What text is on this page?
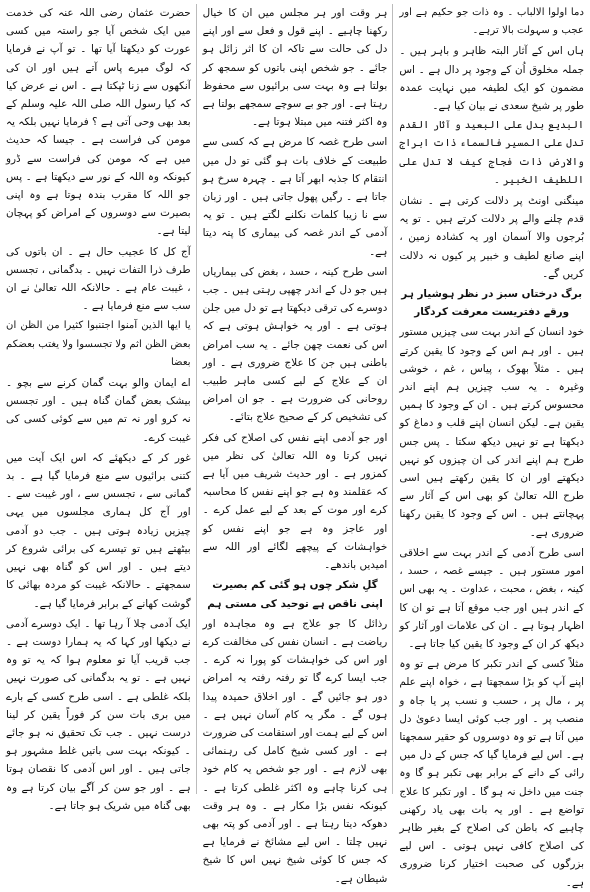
دما اولوا الالباب ۔ وہ ذات جو حکیم ہے اور عجب و سہولت بالا ترہے۔

ہاں اس کے آثار البتہ ظاہر و باہر ہیں ۔ جملہ مخلوق اُن کے وجود پر دال ہے ۔ اس مضمون کو ایک لطیفہ میں نہایت عمدہ طور پر شیخ سعدی نے بیان کیا ہے۔

البدیع بدل علی البعید و آثار القدم تدل علی المسیر فالسماء ذات ابراج والارض ذات فجاج کیف لا تدل علی اللطیف الخبیر ۔

مینگنی اونٹ پر دلالت کرتی ہے ۔ نشان قدم چلنے والے پر دلالت کرتے ہیں ۔ تو یہ بُرجوں والا آسمان اور یہ کشادہ زمین ، اپنے صانع لطیف و خبیر پر کیوں نہ دلالت کریں گے۔

برگ درختاں سبز در نظر ہوشیار ہر ورقے دفتریست معرفت کردگار

خود انسان کے اندر بہت سی چیزیں مستور ہیں ۔ اور ہم اس کے وجود کا یقین کرتے ہیں ۔ مثلاً بھوک ، پیاس ، غم ، خوشی وغیرہ ۔ یہ سب چیزیں ہم اپنے اندر محسوس کرتے ہیں ۔ ان کے وجود کا ہمیں یقین ہے۔ لیکن انسان اپنے قلب و دماغ کو دیکھتا ہے تو نہیں دیکھ سکتا ۔ پس جس طرح ہم اپنے اندر کی ان چیزوں کو نہیں دیکھتے اور ان کا یقین رکھتے ہیں اسی طرح اللہ تعالیٰ کو بھی اس کے آثار سے پہچانتے ہیں ۔ اس کے وجود کا یقین رکھنا ضروری ہے۔

اسی طرح آدمی کے اندر بہت سے اخلاقی امور مستور ہیں ۔ جیسے غصہ ، حسد ، کینہ ، بغض ، محبت ، عداوت ۔ یہ بھی اس کے اندر ہیں اور جب موقع آتا ہے تو ان کا اظہار ہوتا ہے ۔ ان کی علامات اور آثار کو دیکھ کر ان کے وجود کا یقین کیا جاتا ہے۔

مثلاً کسی کے اندر تکبر کا مرض ہے تو وہ اپنے آپ کو بڑا سمجھتا ہے ، خواہ اپنے علم پر ، مال پر ، حسب و نسب پر یا جاہ و منصب پر ۔ اور جب کوئی ایسا دعویٰ دل میں آتا ہے تو وہ دوسروں کو حقیر سمجھتا ہے۔ اس لیے فرمایا گیا کہ جس کے دل میں رائی کے دانے کے برابر بھی تکبر ہو گا وہ جنت میں داخل نہ ہو گا ۔ اور تکبر کا علاج تواضع ہے ۔ اور یہ بات بھی یاد رکھنی چاہیے کہ باطن کی اصلاح کے بغیر ظاہر کی اصلاح کافی نہیں ہوتی ۔ اس لیے بزرگوں کی صحبت اختیار کرنا ضروری ہے۔

ہر وقت اور ہر مجلس میں ان کا خیال رکھنا چاہیے ۔ اپنے قول و فعل سے اور اپنے دل کی حالت سے تاکہ ان کا اثر زائل ہو جائے ۔ جو شخص اپنی باتوں کو سمجھ کر بولتا ہے وہ بہت سی برائیوں سے محفوظ رہتا ہے۔ اور جو بے سوچے سمجھے بولتا ہے وہ اکثر فتنہ میں مبتلا ہوتا ہے۔

اسی طرح غصہ کا مرض ہے کہ کسی سے طبیعت کے خلاف بات ہو گئی تو دل میں انتقام کا جذبہ ابھر آتا ہے ۔ چہرہ سرخ ہو جاتا ہے ۔ رگیں پھول جاتی ہیں ۔ اور زبان سے نا زیبا کلمات نکلنے لگتے ہیں ۔ تو یہ آدمی کے اندر غصہ کی بیماری کا پتہ دیتا ہے۔

اسی طرح کینہ ، حسد ، بغض کی بیماریاں ہیں جو دل کے اندر چھپی رہتی ہیں ۔ جب دوسرے کی ترقی دیکھتا ہے تو دل میں جلن ہوتی ہے ۔ اور یہ خواہش ہوتی ہے کہ اس کی نعمت چھن جائے ۔ یہ سب امراض باطنی ہیں جن کا علاج ضروری ہے ۔ اور ان کے علاج کے لیے کسی ماہر طبیب روحانی کی ضرورت ہے ۔ جو ان امراض کی تشخیص کر کے صحیح علاج بتائے۔

اور جو آدمی اپنے نفس کی اصلاح کی فکر نہیں کرتا وہ اللہ تعالیٰ کی نظر میں کمزور ہے ۔ اور حدیث شریف میں آیا ہے کہ عقلمند وہ ہے جو اپنے نفس کا محاسبہ کرے اور موت کے بعد کے لیے عمل کرے ۔ اور عاجز وہ ہے جو اپنے نفس کو خواہشات کے پیچھے لگائے اور اللہ سے امیدیں باندھے۔

گلِ شکر چوں ہو گئی کم بصیرت اپنی ناقص ہے توحید کی مستی ہم

رذائل کا جو علاج ہے وہ مجاہدہ اور ریاضت ہے ۔ انسان نفس کی مخالفت کرے اور اس کی خواہشات کو پورا نہ کرے ۔ جب ایسا کرے گا تو رفتہ رفتہ یہ امراض دور ہو جائیں گے ۔ اور اخلاق حمیدہ پیدا ہوں گے ۔ مگر یہ کام آسان نہیں ہے ۔ اس کے لیے ہمت اور استقامت کی ضرورت ہے ۔ اور کسی شیخ کامل کی رہنمائی بھی لازم ہے ۔ اور جو شخص یہ کام خود ہی کرنا چاہے وہ اکثر غلطی کرتا ہے ۔ کیونکہ نفس بڑا مکار ہے ۔ وہ ہر وقت دھوکہ دیتا رہتا ہے ۔ اور آدمی کو پتہ بھی نہیں چلتا ۔ اس لیے مشائخ نے فرمایا ہے کہ جس کا کوئی شیخ نہیں اس کا شیخ شیطان ہے۔

حضرت عثمان رضی اللہ عنہ کی خدمت میں ایک شخص آیا جو راستہ میں کسی عورت کو دیکھتا آیا تھا ۔ تو آپ نے فرمایا کہ لوگ میرے پاس آتے ہیں اور ان کی آنکھوں سے زنا ٹپکتا ہے ۔ اس نے عرض کیا کہ کیا رسول اللہ صلی اللہ علیہ وسلم کے بعد بھی وحی آتی ہے ؟ فرمایا نہیں بلکہ یہ مومن کی فراست ہے ۔ جیسا کہ حدیث میں ہے کہ مومن کی فراست سے ڈرو کیونکہ وہ اللہ کے نور سے دیکھتا ہے ۔ پس جو اللہ کا مقرب بندہ ہوتا ہے وہ اپنی بصیرت سے دوسروں کے امراض کو پہچان لیتا ہے۔

آج کل کا عجیب حال ہے ۔ ان باتوں کی طرف ذرا التفات نہیں ۔ بدگمانی ، تجسس ، غیبت عام ہے ۔ حالانکہ اللہ تعالیٰ نے ان سب سے منع فرمایا ہے ۔

یا ایھا الذین آمنوا اجتنبوا کثیرا من الظن ان بعض الظن اثم ولا تجسسوا ولا یغتب بعضکم بعضا

اے ایمان والو بہت گمان کرنے سے بچو ۔ بیشک بعض گمان گناہ ہیں ۔ اور تجسس نہ کرو اور نہ تم میں سے کوئی کسی کی غیبت کرے۔

غور کر کے دیکھئے کہ اس ایک آیت میں کتنی برائیوں سے منع فرمایا گیا ہے ۔ بد گمانی سے ، تجسس سے ، اور غیبت سے ۔ اور آج کل ہماری مجلسوں میں یہی چیزیں زیادہ ہوتی ہیں ۔ جب دو آدمی بیٹھتے ہیں تو تیسرے کی برائی شروع کر دیتے ہیں ۔ اور اس کو گناہ بھی نہیں سمجھتے ۔ حالانکہ غیبت کو مردہ بھائی کا گوشت کھانے کے برابر فرمایا گیا ہے۔

ایک آدمی چلا آ رہا تھا ۔ ایک دوسرے آدمی نے دیکھا اور کہا کہ یہ ہمارا دوست ہے ۔ جب قریب آیا تو معلوم ہوا کہ یہ تو وہ نہیں ہے ۔ تو یہ بدگمانی کی صورت نہیں بلکہ غلطی ہے ۔ اسی طرح کسی کے بارے میں بری بات سن کر فوراً یقین کر لینا درست نہیں ۔ جب تک تحقیق نہ ہو جائے ۔ کیونکہ بہت سی باتیں غلط مشہور ہو جاتی ہیں ۔ اور اس آدمی کا نقصان ہوتا ہے ۔ اور جو سن کر آگے بیان کرتا ہے وہ بھی گناہ میں شریک ہو جاتا ہے۔
